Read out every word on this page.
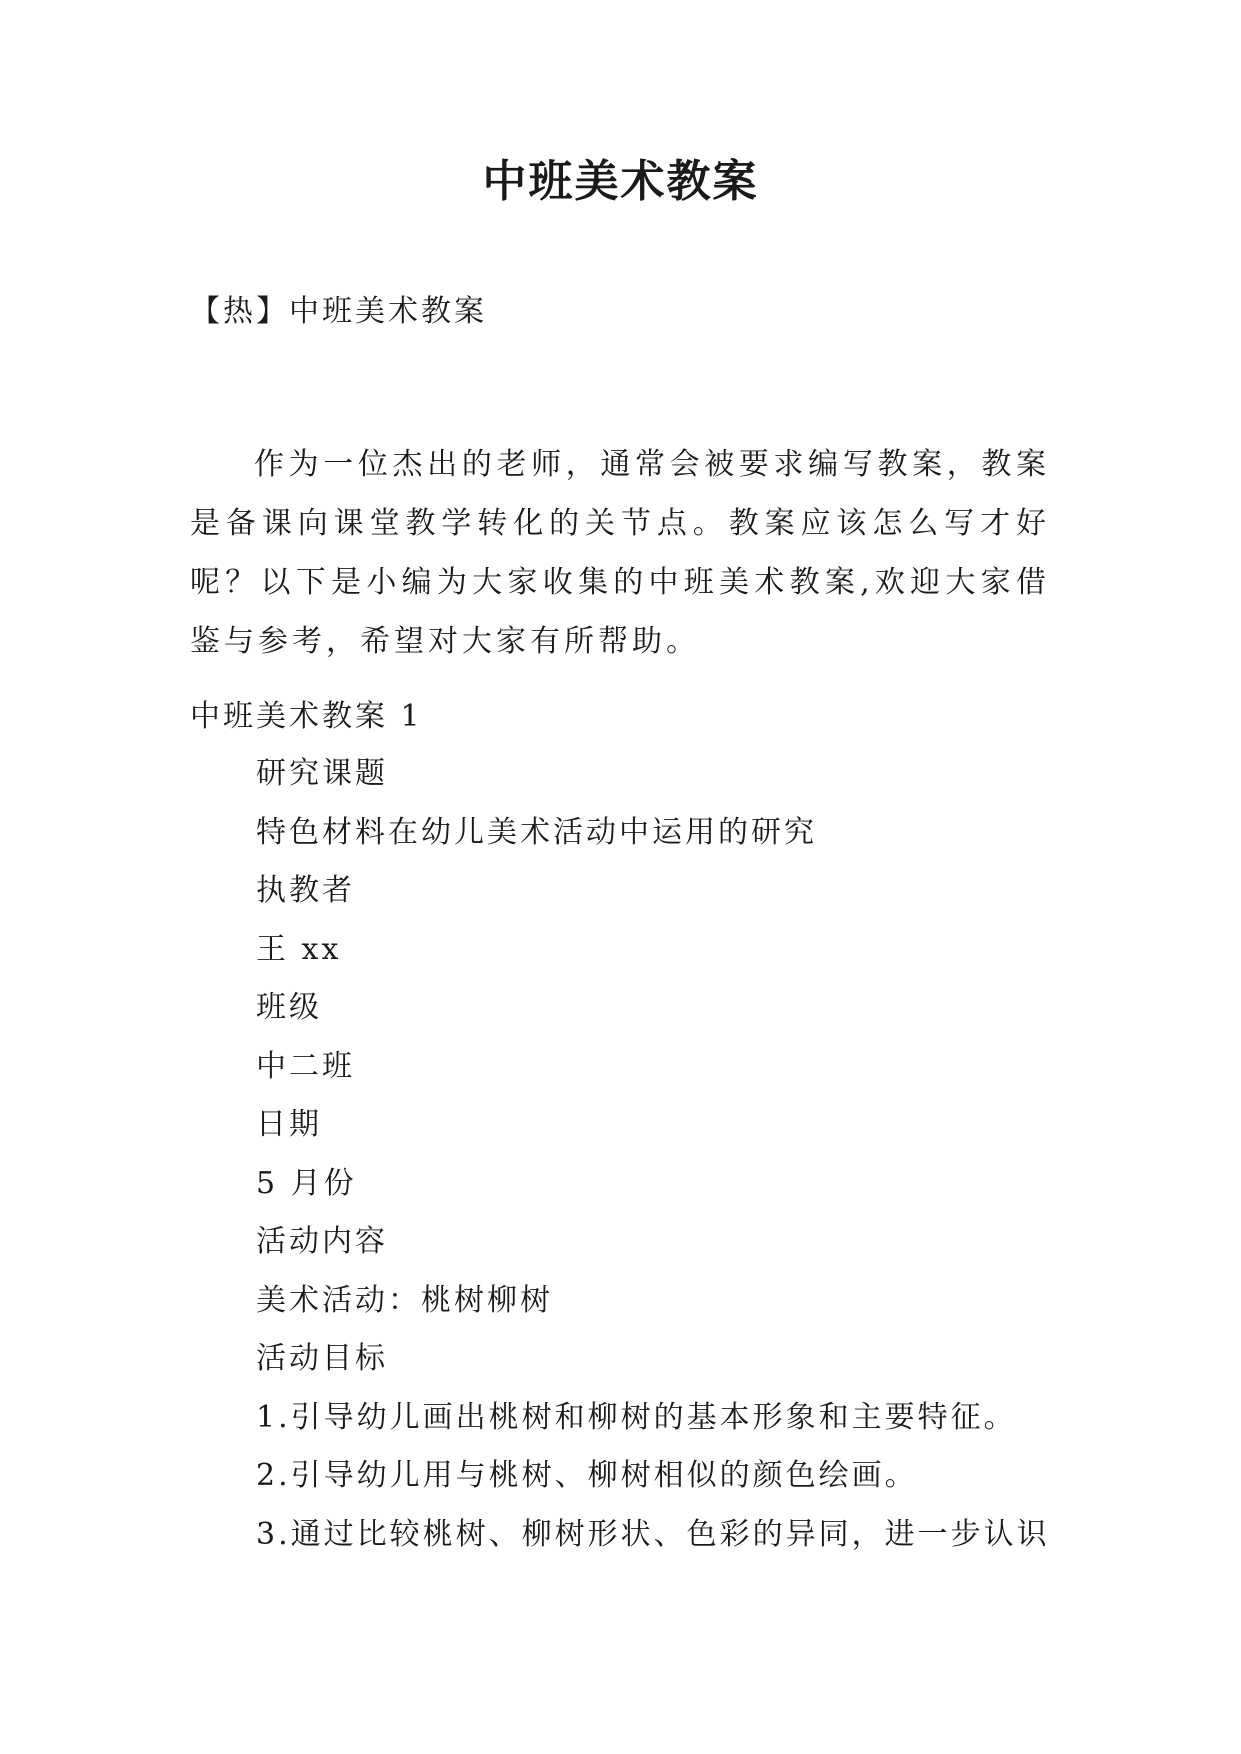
中班美术教案
【热】中班美术教案

作为一位杰出的老师，通常会被要求编写教案，教案是备课向课堂教学转化的关节点。教案应该怎么写才好呢？以下是小编为大家收集的中班美术教案,欢迎大家借鉴与参考，希望对大家有所帮助。

中班美术教案 1
研究课题
特色材料在幼儿美术活动中运用的研究
执教者
王 xx
班级
中二班
日期
5 月份
活动内容
美术活动：桃树柳树
活动目标
1.引导幼儿画出桃树和柳树的基本形象和主要特征。
2.引导幼儿用与桃树、柳树相似的颜色绘画。
3.通过比较桃树、柳树形状、色彩的异同，进一步认识
